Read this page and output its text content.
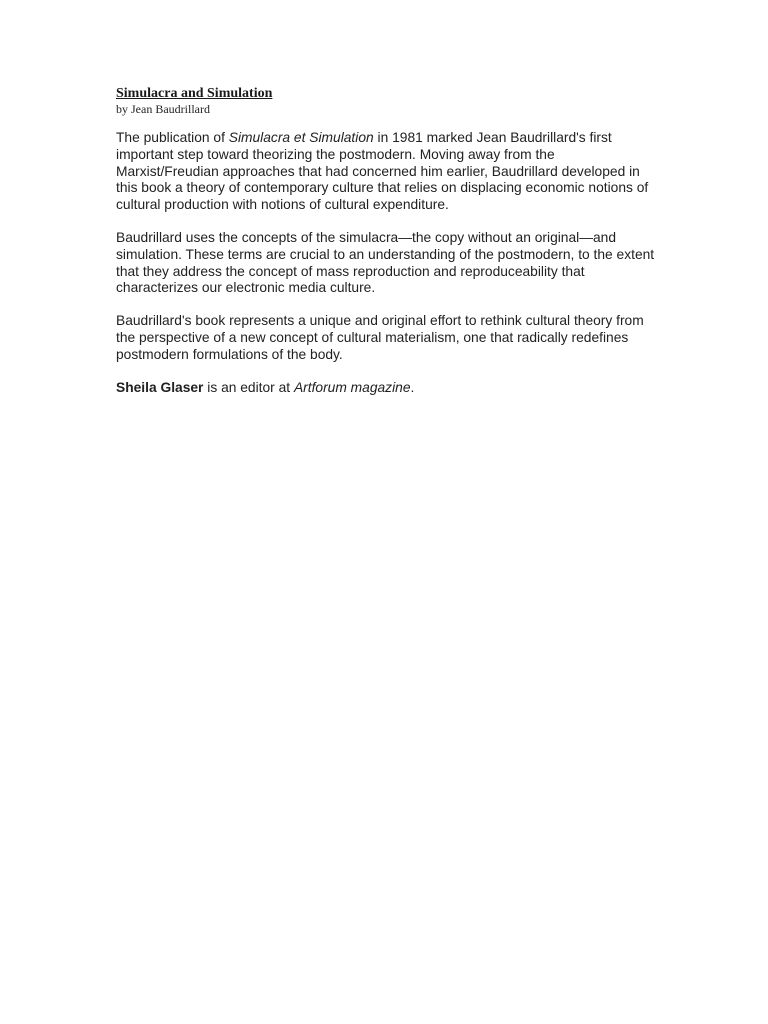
Simulacra and Simulation
by Jean Baudrillard

The publication of Simulacra et Simulation in 1981 marked Jean Baudrillard's first important step toward theorizing the postmodern. Moving away from the Marxist/Freudian approaches that had concerned him earlier, Baudrillard developed in this book a theory of contemporary culture that relies on displacing economic notions of cultural production with notions of cultural expenditure.

Baudrillard uses the concepts of the simulacra—the copy without an original—and simulation. These terms are crucial to an understanding of the postmodern, to the extent that they address the concept of mass reproduction and reproduceability that characterizes our electronic media culture.

Baudrillard's book represents a unique and original effort to rethink cultural theory from the perspective of a new concept of cultural materialism, one that radically redefines postmodern formulations of the body.

Sheila Glaser is an editor at Artforum magazine.
